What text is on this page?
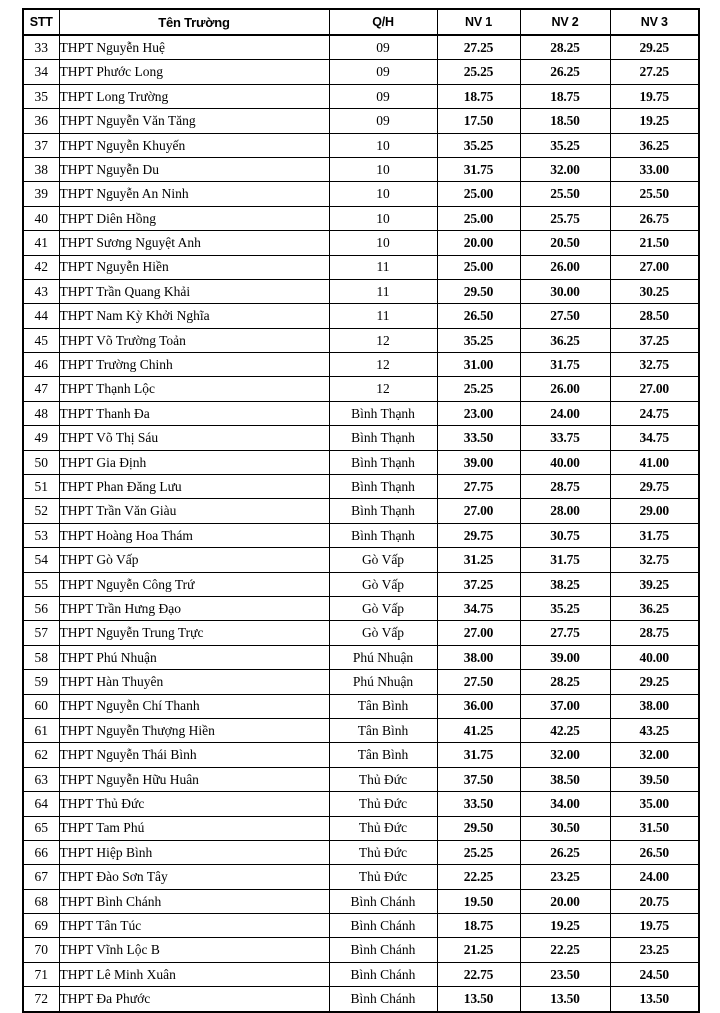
STT	Tên Trường	Q/H	NV 1	NV 2	NV 3
33	THPT Nguyễn Huệ	09	27.25	28.25	29.25
34	THPT Phước Long	09	25.25	26.25	27.25
35	THPT Long Trường	09	18.75	18.75	19.75
36	THPT Nguyễn Văn Tăng	09	17.50	18.50	19.25
37	THPT Nguyễn Khuyến	10	35.25	35.25	36.25
38	THPT Nguyễn Du	10	31.75	32.00	33.00
39	THPT Nguyễn An Ninh	10	25.00	25.50	25.50
40	THPT Diên Hồng	10	25.00	25.75	26.75
41	THPT Sương Nguyệt Anh	10	20.00	20.50	21.50
42	THPT Nguyễn Hiền	11	25.00	26.00	27.00
43	THPT Trần Quang Khải	11	29.50	30.00	30.25
44	THPT Nam Kỳ Khởi Nghĩa	11	26.50	27.50	28.50
45	THPT Võ Trường Toản	12	35.25	36.25	37.25
46	THPT Trường Chinh	12	31.00	31.75	32.75
47	THPT Thạnh Lộc	12	25.25	26.00	27.00
48	THPT Thanh Đa	Bình Thạnh	23.00	24.00	24.75
49	THPT Võ Thị Sáu	Bình Thạnh	33.50	33.75	34.75
50	THPT Gia Định	Bình Thạnh	39.00	40.00	41.00
51	THPT Phan Đăng Lưu	Bình Thạnh	27.75	28.75	29.75
52	THPT Trần Văn Giàu	Bình Thạnh	27.00	28.00	29.00
53	THPT Hoàng Hoa Thám	Bình Thạnh	29.75	30.75	31.75
54	THPT Gò Vấp	Gò Vấp	31.25	31.75	32.75
55	THPT Nguyễn Công Trứ	Gò Vấp	37.25	38.25	39.25
56	THPT Trần Hưng Đạo	Gò Vấp	34.75	35.25	36.25
57	THPT Nguyễn Trung Trực	Gò Vấp	27.00	27.75	28.75
58	THPT Phú Nhuận	Phú Nhuận	38.00	39.00	40.00
59	THPT Hàn Thuyên	Phú Nhuận	27.50	28.25	29.25
60	THPT Nguyễn Chí Thanh	Tân Bình	36.00	37.00	38.00
61	THPT Nguyễn Thượng Hiền	Tân Bình	41.25	42.25	43.25
62	THPT Nguyễn Thái Bình	Tân Bình	31.75	32.00	32.00
63	THPT Nguyễn Hữu Huân	Thủ Đức	37.50	38.50	39.50
64	THPT Thủ Đức	Thủ Đức	33.50	34.00	35.00
65	THPT Tam Phú	Thủ Đức	29.50	30.50	31.50
66	THPT Hiệp Bình	Thủ Đức	25.25	26.25	26.50
67	THPT Đào Sơn Tây	Thủ Đức	22.25	23.25	24.00
68	THPT Bình Chánh	Bình Chánh	19.50	20.00	20.75
69	THPT Tân Túc	Bình Chánh	18.75	19.25	19.75
70	THPT Vĩnh Lộc B	Bình Chánh	21.25	22.25	23.25
71	THPT Lê Minh Xuân	Bình Chánh	22.75	23.50	24.50
72	THPT Đa Phước	Bình Chánh	13.50	13.50	13.50
